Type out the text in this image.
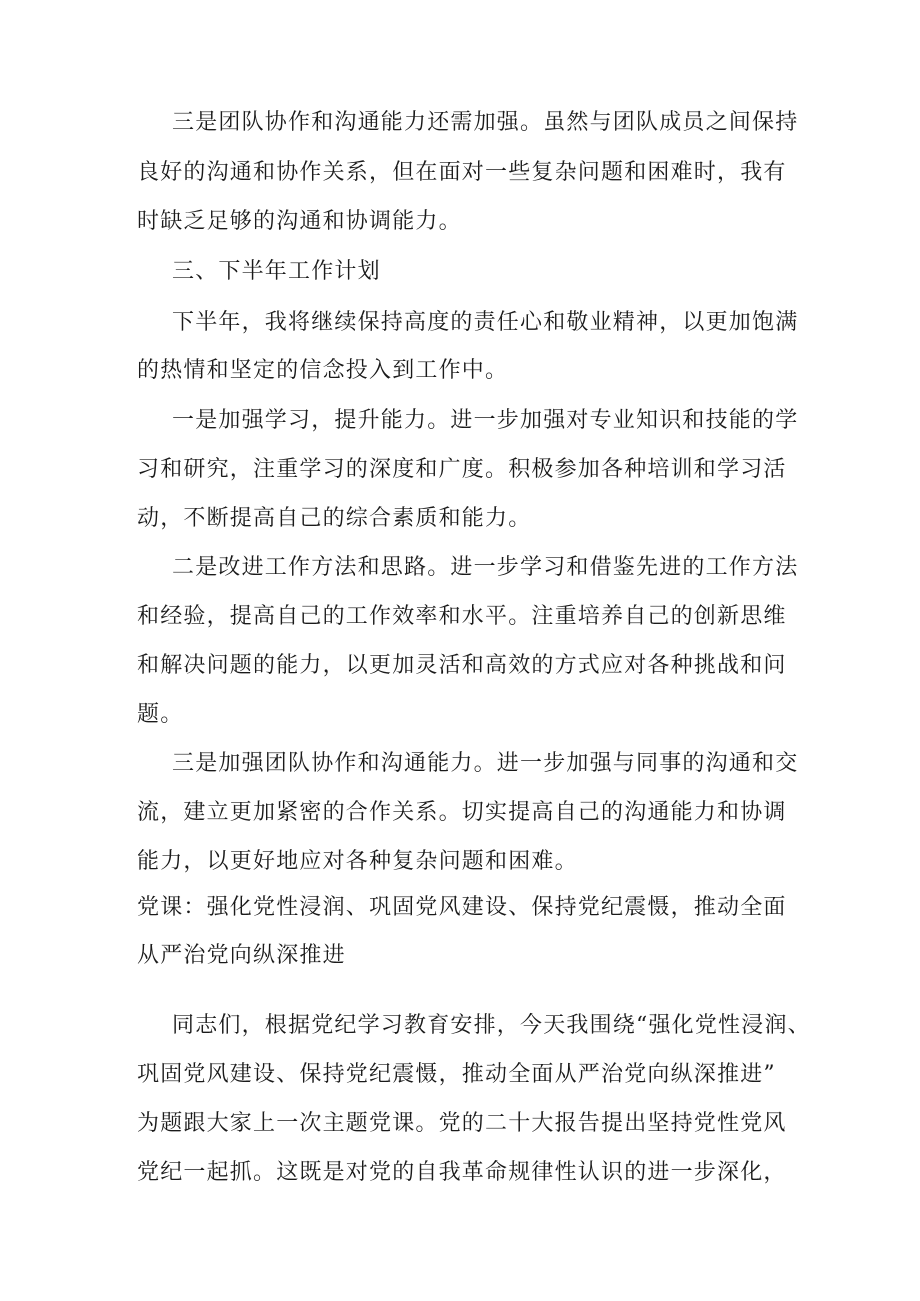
三是团队协作和沟通能力还需加强。虽然与团队成员之间保持

良好的沟通和协作关系，但在面对一些复杂问题和困难时，我有

时缺乏足够的沟通和协调能力。

三、下半年工作计划

下半年，我将继续保持高度的责任心和敬业精神，以更加饱满

的热情和坚定的信念投入到工作中。

一是加强学习，提升能力。进一步加强对专业知识和技能的学

习和研究，注重学习的深度和广度。积极参加各种培训和学习活

动，不断提高自己的综合素质和能力。

二是改进工作方法和思路。进一步学习和借鉴先进的工作方法

和经验，提高自己的工作效率和水平。注重培养自己的创新思维

和解决问题的能力，以更加灵活和高效的方式应对各种挑战和问

题。

三是加强团队协作和沟通能力。进一步加强与同事的沟通和交

流，建立更加紧密的合作关系。切实提高自己的沟通能力和协调

能力，以更好地应对各种复杂问题和困难。

党课：强化党性浸润、巩固党风建设、保持党纪震慑，推动全面

从严治党向纵深推进

同志们，根据党纪学习教育安排，今天我围绕“强化党性浸润、

巩固党风建设、保持党纪震慑，推动全面从严治党向纵深推进”

为题跟大家上一次主题党课。党的二十大报告提出坚持党性党风

党纪一起抓。这既是对党的自我革命规律性认识的进一步深化，
